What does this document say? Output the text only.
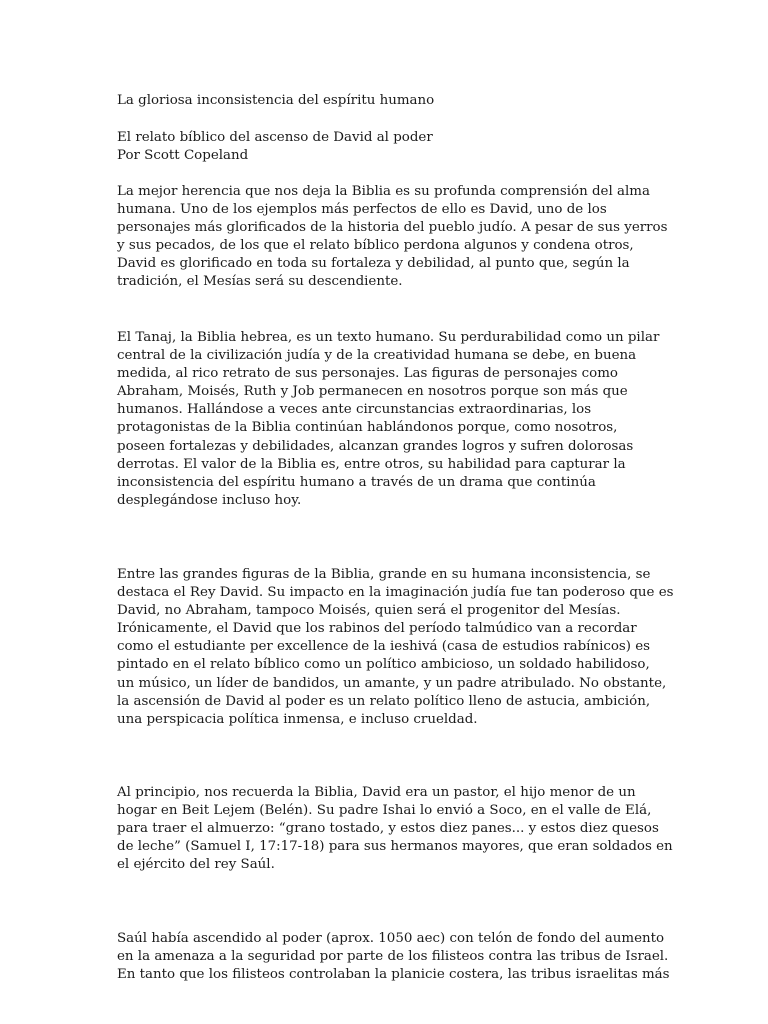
La gloriosa inconsistencia del espíritu humano
El relato bíblico del ascenso de David al poder
Por Scott Copeland
La mejor herencia que nos deja la Biblia es su profunda comprensión del alma
humana. Uno de los ejemplos más perfectos de ello es David, uno de los
personajes más glorificados de la historia del pueblo judío. A pesar de sus yerros
y sus pecados, de los que el relato bíblico perdona algunos y condena otros,
David es glorificado en toda su fortaleza y debilidad, al punto que, según la
tradición, el Mesías será su descendiente.
El Tanaj, la Biblia hebrea, es un texto humano. Su perdurabilidad como un pilar
central de la civilización judía y de la creatividad humana se debe, en buena
medida, al rico retrato de sus personajes. Las figuras de personajes como
Abraham, Moisés, Ruth y Job permanecen en nosotros porque son más que
humanos. Hallándose a veces ante circunstancias extraordinarias, los
protagonistas de la Biblia continúan hablándonos porque, como nosotros,
poseen fortalezas y debilidades, alcanzan grandes logros y sufren dolorosas
derrotas. El valor de la Biblia es, entre otros, su habilidad para capturar la
inconsistencia del espíritu humano a través de un drama que continúa
desplegándose incluso hoy.
Entre las grandes figuras de la Biblia, grande en su humana inconsistencia, se
destaca el Rey David. Su impacto en la imaginación judía fue tan poderoso que es
David, no Abraham, tampoco Moisés, quien será el progenitor del Mesías.
Irónicamente, el David que los rabinos del período talmúdico van a recordar
como el estudiante per excellence de la ieshivá (casa de estudios rabínicos) es
pintado en el relato bíblico como un político ambicioso, un soldado habilidoso,
un músico, un líder de bandidos, un amante, y un padre atribulado. No obstante,
la ascensión de David al poder es un relato político lleno de astucia, ambición,
una perspicacia política inmensa, e incluso crueldad.
Al principio, nos recuerda la Biblia, David era un pastor, el hijo menor de un
hogar en Beit Lejem (Belén). Su padre Ishai lo envió a Soco, en el valle de Elá,
para traer el almuerzo: “grano tostado, y estos diez panes... y estos diez quesos
de leche” (Samuel I, 17:17-18) para sus hermanos mayores, que eran soldados en
el ejército del rey Saúl.
Saúl había ascendido al poder (aprox. 1050 aec) con telón de fondo del aumento
en la amenaza a la seguridad por parte de los filisteos contra las tribus de Israel.
En tanto que los filisteos controlaban la planicie costera, las tribus israelitas más
